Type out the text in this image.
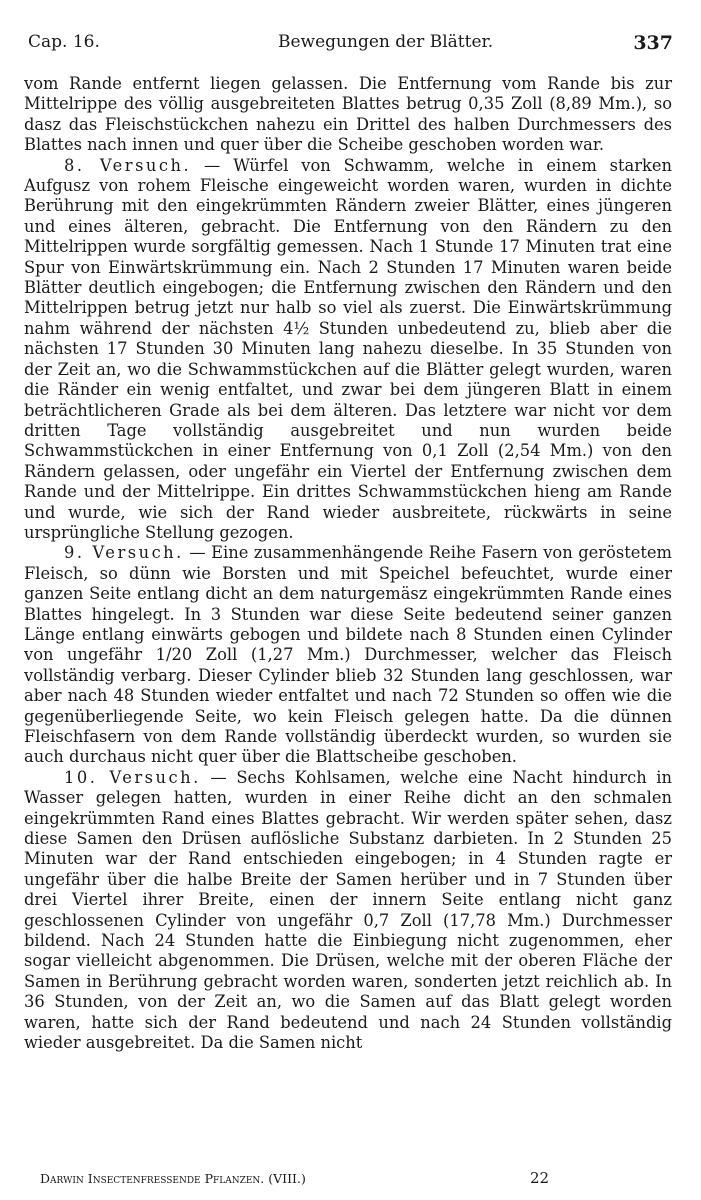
Cap. 16.	Bewegungen der Blätter.	337

vom Rande entfernt liegen gelassen. Die Entfernung vom Rande bis zur Mittelrippe des völlig ausgebreiteten Blattes betrug 0,35 Zoll (8,89 Mm.), so dasz das Fleischstückchen nahezu ein Drittel des halben Durchmessers des Blattes nach innen und quer über die Scheibe geschoben worden war.

8. Versuch. — Würfel von Schwamm, welche in einem starken Aufgusz von rohem Fleische eingeweicht worden waren, wurden in dichte Berührung mit den eingekrümmten Rändern zweier Blätter, eines jüngeren und eines älteren, gebracht. Die Entfernung von den Rändern zu den Mittelrippen wurde sorgfältig gemessen. Nach 1 Stunde 17 Minuten trat eine Spur von Einwärtskrümmung ein. Nach 2 Stunden 17 Minuten waren beide Blätter deutlich eingebogen; die Entfernung zwischen den Rändern und den Mittelrippen betrug jetzt nur halb so viel als zuerst. Die Einwärtskrümmung nahm während der nächsten 4½ Stunden unbedeutend zu, blieb aber die nächsten 17 Stunden 30 Minuten lang nahezu dieselbe. In 35 Stunden von der Zeit an, wo die Schwammstückchen auf die Blätter gelegt wurden, waren die Ränder ein wenig entfaltet, und zwar bei dem jüngeren Blatt in einem beträchtlicheren Grade als bei dem älteren. Das letztere war nicht vor dem dritten Tage vollständig ausgebreitet und nun wurden beide Schwammstückchen in einer Entfernung von 0,1 Zoll (2,54 Mm.) von den Rändern gelassen, oder ungefähr ein Viertel der Entfernung zwischen dem Rande und der Mittelrippe. Ein drittes Schwammstückchen hieng am Rande und wurde, wie sich der Rand wieder ausbreitete, rückwärts in seine ursprüngliche Stellung gezogen.

9. Versuch. — Eine zusammenhängende Reihe Fasern von geröstetem Fleisch, so dünn wie Borsten und mit Speichel befeuchtet, wurde einer ganzen Seite entlang dicht an dem naturgemäsz eingekrümmten Rande eines Blattes hingelegt. In 3 Stunden war diese Seite bedeutend seiner ganzen Länge entlang einwärts gebogen und bildete nach 8 Stunden einen Cylinder von ungefähr 1/20 Zoll (1,27 Mm.) Durchmesser, welcher das Fleisch vollständig verbarg. Dieser Cylinder blieb 32 Stunden lang geschlossen, war aber nach 48 Stunden wieder entfaltet und nach 72 Stunden so offen wie die gegenüberliegende Seite, wo kein Fleisch gelegen hatte. Da die dünnen Fleischfasern von dem Rande vollständig überdeckt wurden, so wurden sie auch durchaus nicht quer über die Blattscheibe geschoben.

10. Versuch. — Sechs Kohlsamen, welche eine Nacht hindurch in Wasser gelegen hatten, wurden in einer Reihe dicht an den schmalen eingekrümmten Rand eines Blattes gebracht. Wir werden später sehen, dasz diese Samen den Drüsen auflösliche Substanz darbieten. In 2 Stunden 25 Minuten war der Rand entschieden eingebogen; in 4 Stunden ragte er ungefähr über die halbe Breite der Samen herüber und in 7 Stunden über drei Viertel ihrer Breite, einen der innern Seite entlang nicht ganz geschlossenen Cylinder von ungefähr 0,7 Zoll (17,78 Mm.) Durchmesser bildend. Nach 24 Stunden hatte die Einbiegung nicht zugenommen, eher sogar vielleicht abgenommen. Die Drüsen, welche mit der oberen Fläche der Samen in Berührung gebracht worden waren, sonderten jetzt reichlich ab. In 36 Stunden, von der Zeit an, wo die Samen auf das Blatt gelegt worden waren, hatte sich der Rand bedeutend und nach 24 Stunden vollständig wieder ausgebreitet. Da die Samen nicht

Darwin Insectenfressende Pflanzen. (VIII.)	22
